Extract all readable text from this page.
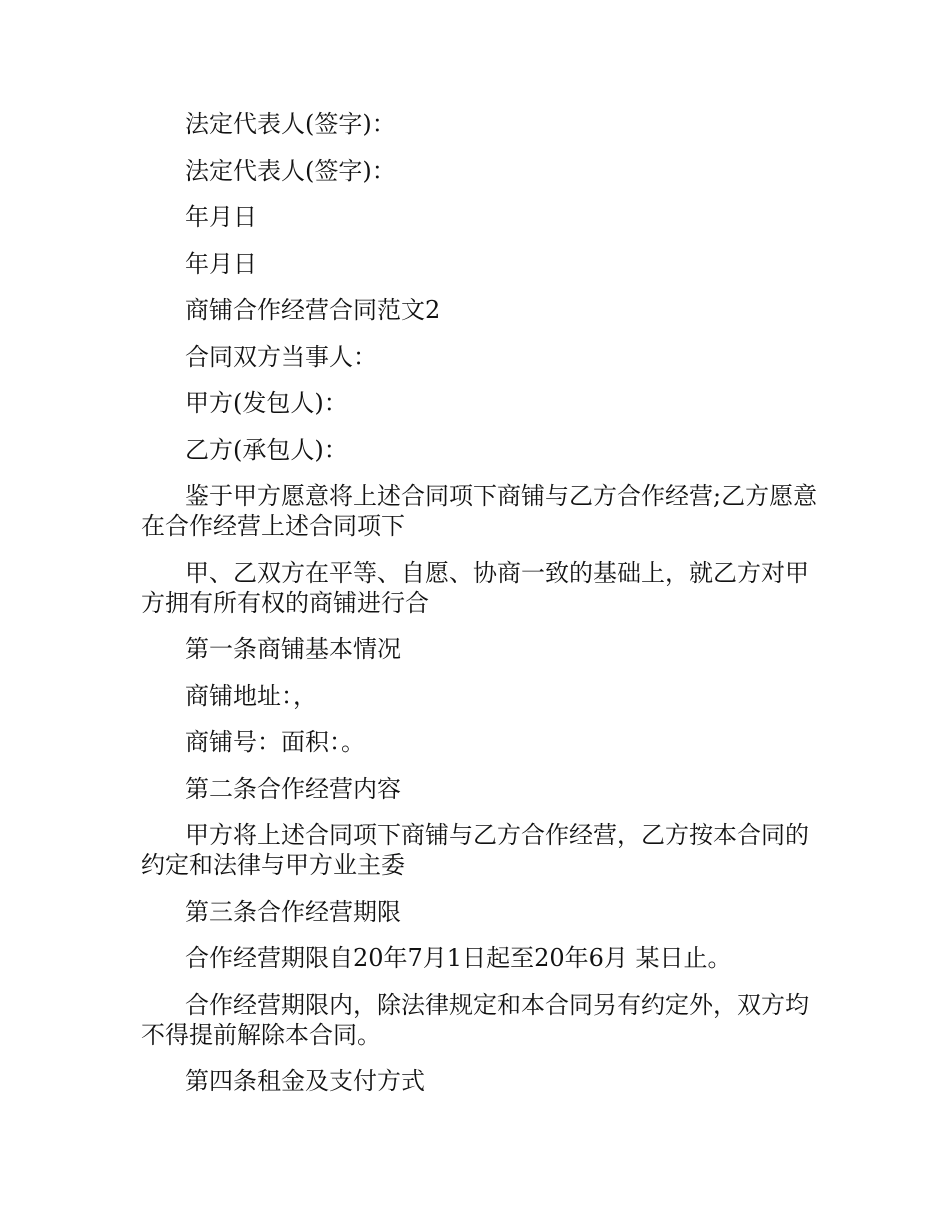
法定代表人(签字)：

法定代表人(签字)：

年月日

年月日

商铺合作经营合同范文2

合同双方当事人：

甲方(发包人)：

乙方(承包人)：

鉴于甲方愿意将上述合同项下商铺与乙方合作经营;乙方愿意在合作经营上述合同项下

甲、乙双方在平等、自愿、协商一致的基础上，就乙方对甲方拥有所有权的商铺进行合

第一条商铺基本情况

商铺地址：，

商铺号：面积：。

第二条合作经营内容

甲方将上述合同项下商铺与乙方合作经营，乙方按本合同的约定和法律与甲方业主委

第三条合作经营期限

合作经营期限自20年7月1日起至20年6月 某日止。

合作经营期限内，除法律规定和本合同另有约定外，双方均不得提前解除本合同。

第四条租金及支付方式
